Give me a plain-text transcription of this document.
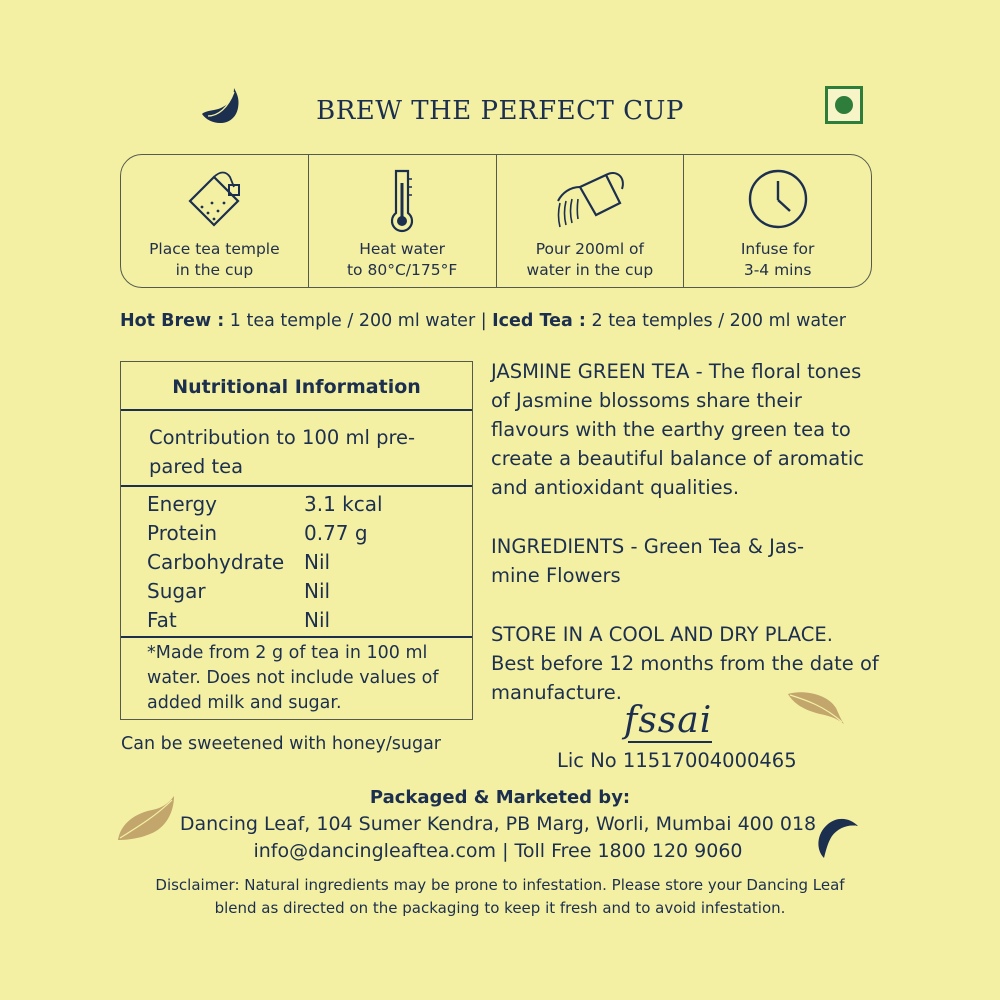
BREW THE PERFECT CUP
Place tea temple
in the cup
Heat water
to 80°C/175°F
Pour 200ml of
water in the cup
Infuse for
3-4 mins
Hot Brew : 1 tea temple / 200 ml water | Iced Tea : 2 tea temples / 200 ml water
Nutritional Information
Contribution to 100 ml pre-
pared tea
Energy	3.1 kcal
Protein	0.77 g
Carbohydrate	Nil
Sugar	Nil
Fat	Nil
*Made from 2 g of tea in 100 ml water. Does not include values of added milk and sugar.
Can be sweetened with honey/sugar
JASMINE GREEN TEA - The floral tones of Jasmine blossoms share their flavours with the earthy green tea to create a beautiful balance of aromatic and antioxidant qualities.
INGREDIENTS - Green Tea & Jas-
mine Flowers
STORE IN A COOL AND DRY PLACE.
Best before 12 months from the date of
manufacture.
fssai
Lic No 11517004000465
Packaged & Marketed by:
Dancing Leaf, 104 Sumer Kendra, PB Marg, Worli, Mumbai 400 018
info@dancingleaftea.com | Toll Free 1800 120 9060
Disclaimer: Natural ingredients may be prone to infestation. Please store your Dancing Leaf blend as directed on the packaging to keep it fresh and to avoid infestation.
